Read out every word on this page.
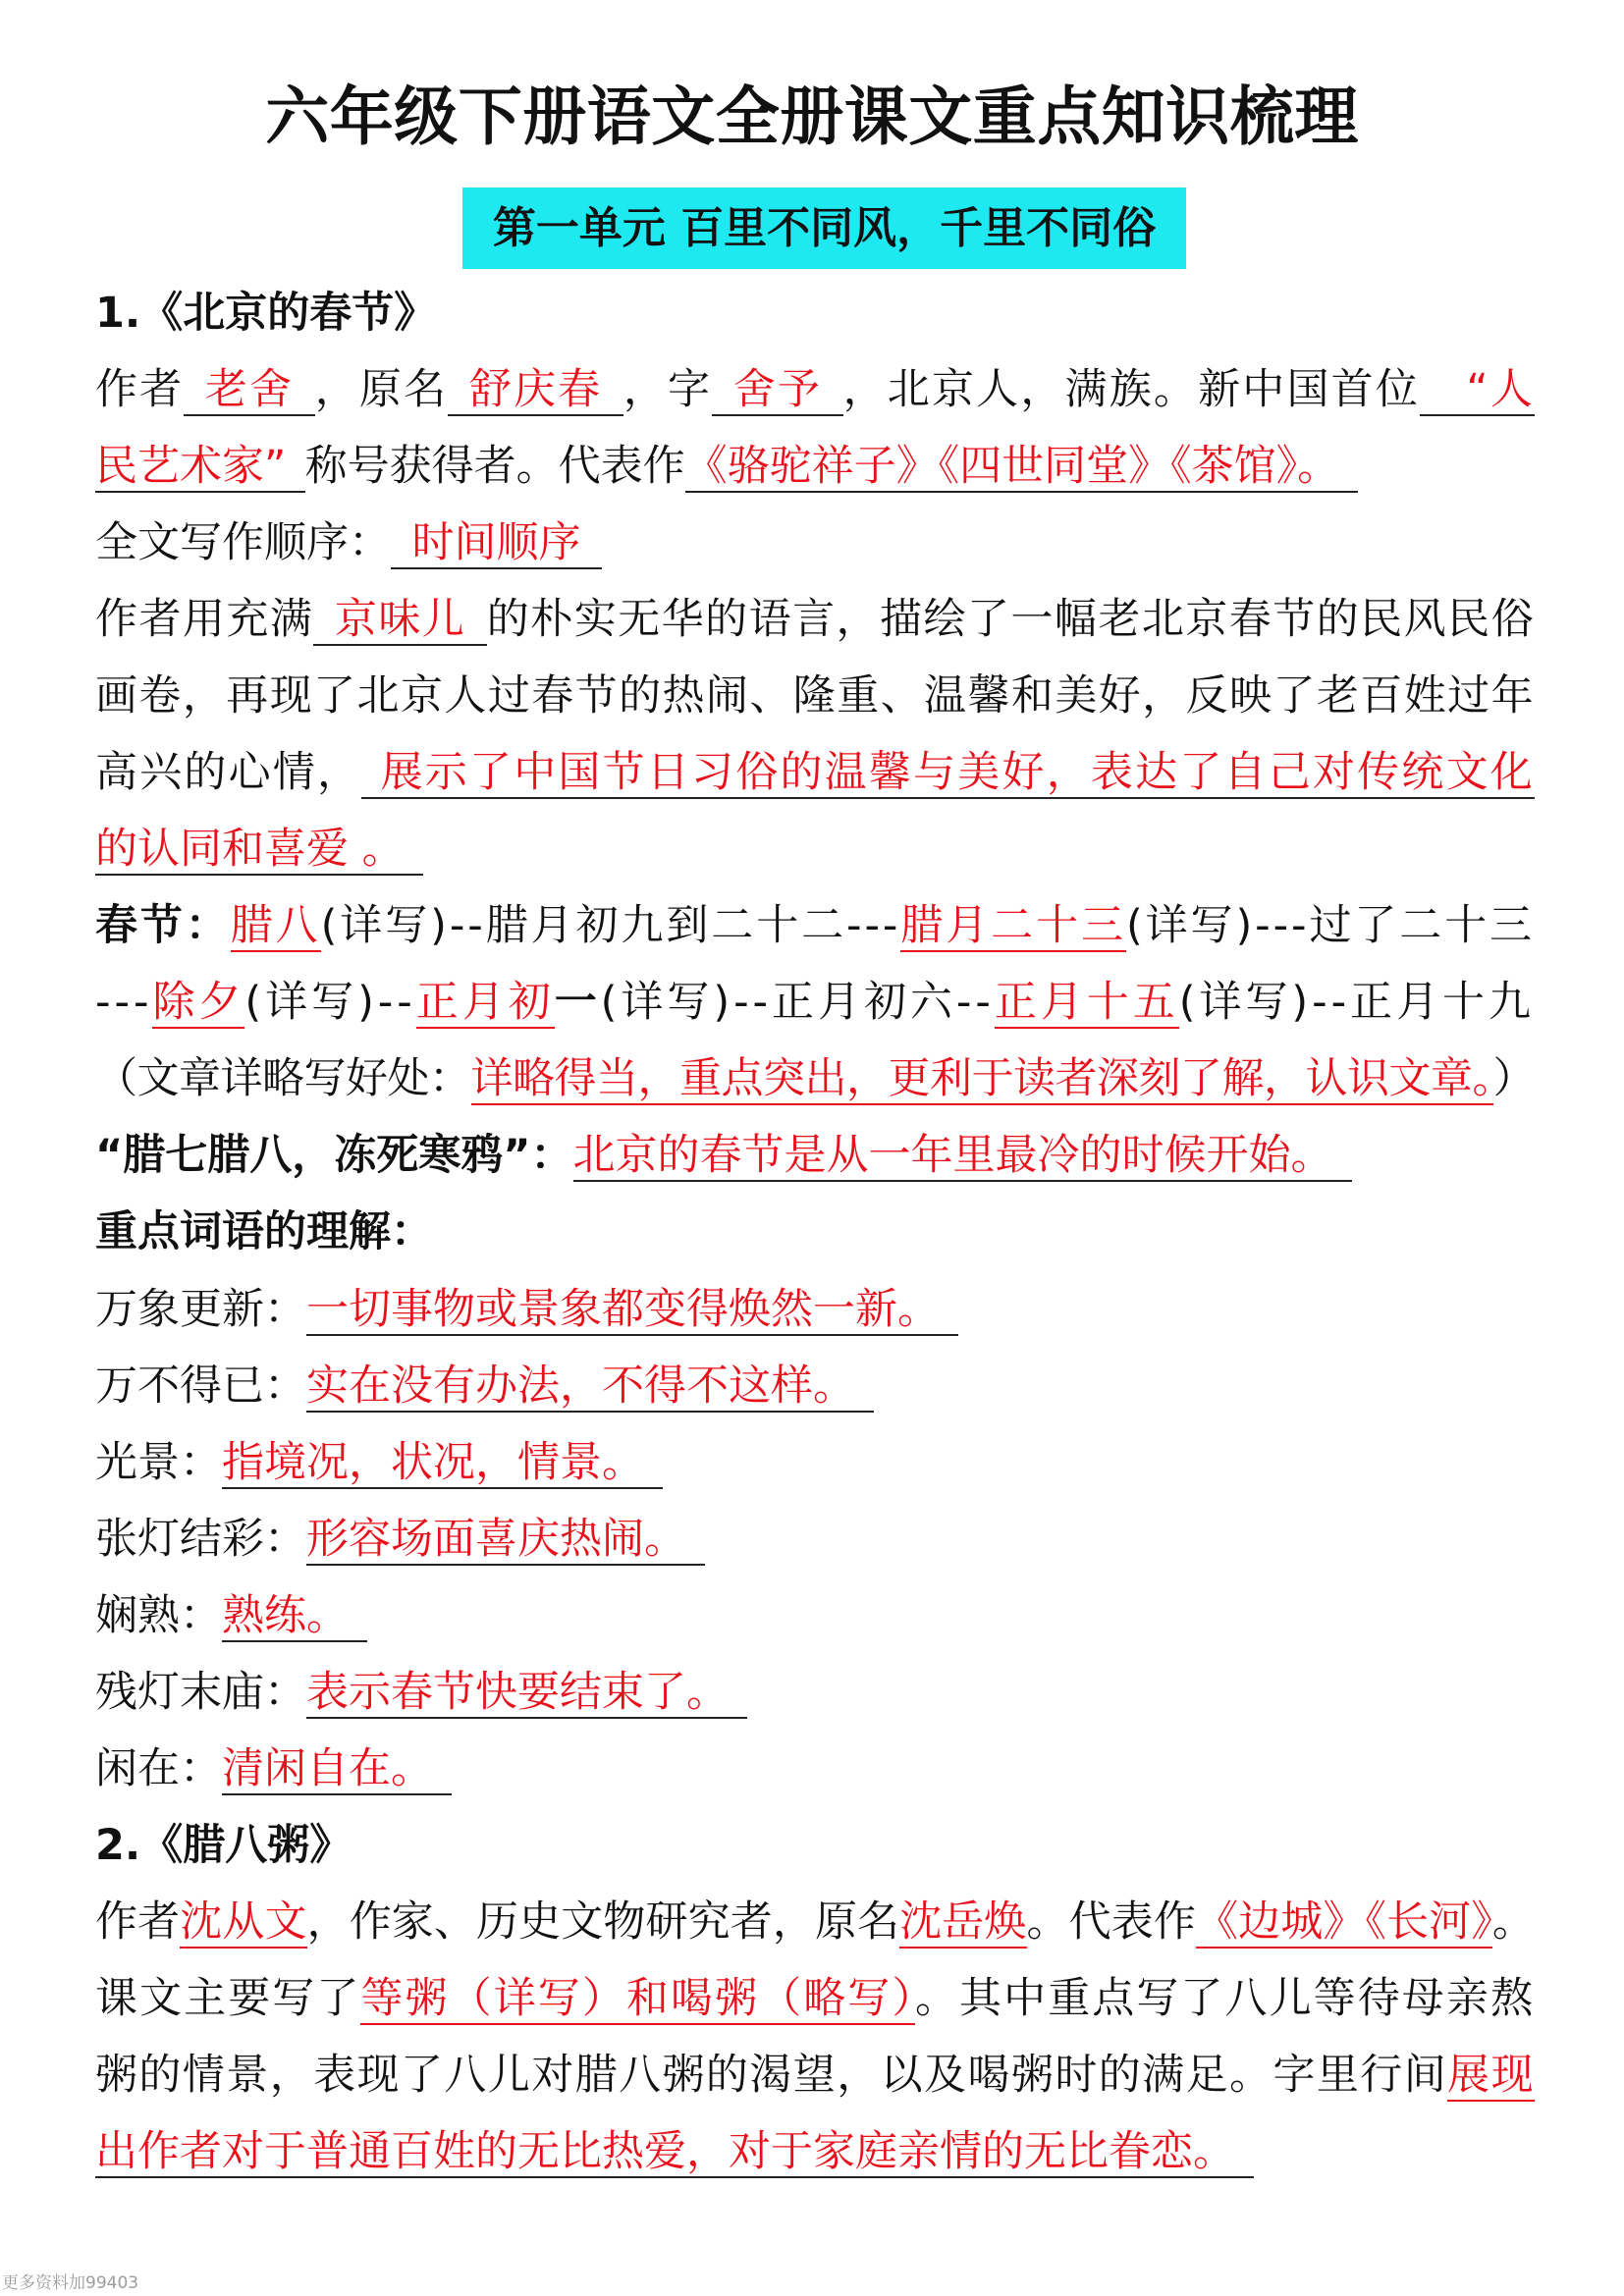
六年级下册语文全册课文重点知识梳理
第一单元 百里不同风，千里不同俗
1.《北京的春节》
作者 老舍 ，原名 舒庆春 ，字 舍予 ，北京人，满族。新中国首位 “人
民艺术家” 称号获得者。代表作《骆驼祥子》《四世同堂》《茶馆》。
全文写作顺序： 时间顺序
作者用充满 京味儿 的朴实无华的语言，描绘了一幅老北京春节的民风民俗
画卷，再现了北京人过春节的热闹、隆重、温馨和美好，反映了老百姓过年
高兴的心情， 展示了中国节日习俗的温馨与美好，表达了自己对传统文化
的认同和喜爱 。
春节：腊八(详写)--腊月初九到二十二---腊月二十三(详写)---过了二十三
---除夕(详写)--正月初一(详写)--正月初六--正月十五(详写)--正月十九
（文章详略写好处：详略得当，重点突出，更利于读者深刻了解，认识文章。）
“腊七腊八，冻死寒鸦”：北京的春节是从一年里最冷的时候开始。
重点词语的理解：
万象更新：一切事物或景象都变得焕然一新。
万不得已：实在没有办法，不得不这样。
光景：指境况，状况，情景。
张灯结彩：形容场面喜庆热闹。
娴熟：熟练。
残灯末庙：表示春节快要结束了。
闲在：清闲自在。
2.《腊八粥》
作者沈从文，作家、历史文物研究者，原名沈岳焕。代表作《边城》《长河》。
课文主要写了等粥（详写）和喝粥（略写）。其中重点写了八儿等待母亲熬
粥的情景，表现了八儿对腊八粥的渴望，以及喝粥时的满足。字里行间展现
出作者对于普通百姓的无比热爱，对于家庭亲情的无比眷恋。
更多资料加99403
